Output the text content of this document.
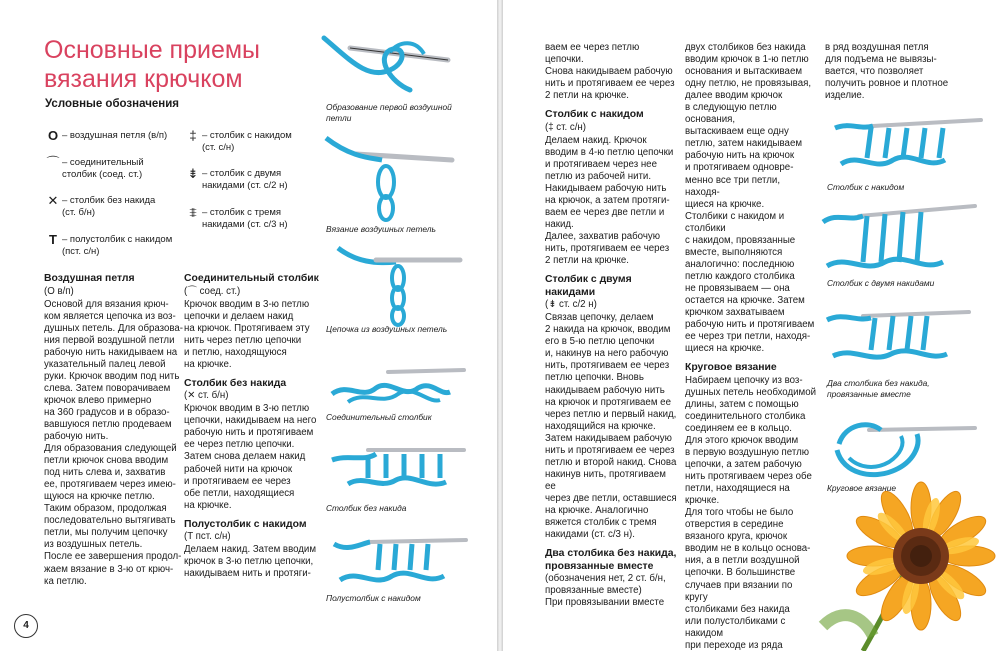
Основные приемы
вязания крючком
Условные обозначения
O – воздушная петля (в/п)
⌒ – соединительный
столбик (соед. ст.)
✕ – столбик без накида
(ст. б/н)
T – полустолбик с накидом
(пст. с/н)
‡ – столбик с накидом
(ст. с/н)
⇟ – столбик с двумя
накидами (ст. с/2 н)
⩨ – столбик с тремя
накидами (ст. с/3 н)
Воздушная петля
(O в/п)
Основой для вязания крюч-
ком является цепочка из воз-
душных петель. Для образова-
ния первой воздушной петли
рабочую нить накидываем на
указательный палец левой
руки. Крючок вводим под нить
слева. Затем поворачиваем
крючок влево примерно
на 360 градусов и в образо-
вавшуюся петлю продеваем
рабочую нить.
Для образования следующей
петли крючок снова вводим
под нить слева и, захватив
ее, протягиваем через имею-
щуюся на крючке петлю.
Таким образом, продолжая
последовательно вытягивать
петли, мы получим цепочку
из воздушных петель.
После ее завершения продол-
жаем вязание в 3-ю от крюч-
ка петлю.
Соединительный столбик
(⌒ соед. ст.)
Крючок вводим в 3-ю петлю
цепочки и делаем накид
на крючок. Протягиваем эту
нить через петлю цепочки
и петлю, находящуюся
на крючке.
Столбик без накида
(✕ ст. б/н)
Крючок вводим в 3-ю петлю
цепочки, накидываем на него
рабочую нить и протягиваем
ее через петлю цепочки.
Затем снова делаем накид
рабочей нити на крючок
и протягиваем ее через
обе петли, находящиеся
на крючке.
Полустолбик с накидом
(T пст. с/н)
Делаем накид. Затем вводим
крючок в 3-ю петлю цепочки,
накидываем нить и протяги-
Образование первой воздушной
петли
Вязание воздушных петель
Цепочка из воздушных петель
Соединительный столбик
Столбик без накида
Полустолбик с накидом
4
ваем ее через петлю цепочки.
Снова накидываем рабочую
нить и протягиваем ее через
2 петли на крючке.
Столбик с накидом
(‡ ст. с/н)
Делаем накид. Крючок
вводим в 4-ю петлю цепочки
и протягиваем через нее
петлю из рабочей нити.
Накидываем рабочую нить
на крючок, а затем протяги-
ваем ее через две петли и накид.
Далее, захватив рабочую
нить, протягиваем ее через
2 петли на крючке.
Столбик с двумя накидами
(⇟ ст. с/2 н)
Связав цепочку, делаем
2 накида на крючок, вводим
его в 5-ю петлю цепочки
и, накинув на него рабочую
нить, протягиваем ее через
петлю цепочки. Вновь
накидываем рабочую нить
на крючок и протягиваем ее
через петлю и первый накид,
находящийся на крючке.
Затем накидываем рабочую
нить и протягиваем ее через
петлю и второй накид. Снова
накинув нить, протягиваем ее
через две петли, оставшиеся
на крючке. Аналогично
вяжется столбик с тремя
накидами (ст. с/3 н).
Два столбика без накида,
провязанные вместе
(обозначения нет, 2 ст. б/н,
провязанные вместе)
При провязывании вместе
двух столбиков без накида
вводим крючок в 1-ю петлю
основания и вытаскиваем
одну петлю, не провязывая,
далее вводим крючок
в следующую петлю основания,
вытаскиваем еще одну
петлю, затем накидываем
рабочую нить на крючок
и протягиваем одновре-
менно все три петли, находя-
щиеся на крючке.
Столбики с накидом и столбики
с накидом, провязанные
вместе, выполняются
аналогично: последнюю
петлю каждого столбика
не провязываем — она
остается на крючке. Затем
крючком захватываем
рабочую нить и протягиваем
ее через три петли, находя-
щиеся на крючке.
Круговое вязание
Набираем цепочку из воз-
душных петель необходимой
длины, затем с помощью
соединительного столбика
соединяем ее в кольцо.
Для этого крючок вводим
в первую воздушную петлю
цепочки, а затем рабочую
нить протягиваем через обе
петли, находящиеся на крючке.
Для того чтобы не было
отверстия в середине
вязаного круга, крючок
вводим не в кольцо основа-
ния, а в петли воздушной
цепочки. В большинстве
случаев при вязании по кругу
столбиками без накида
или полустолбиками с накидом
при переходе из ряда
в ряд воздушная петля
для подъема не вывязы-
вается, что позволяет
получить ровное и плотное
изделие.
Столбик с накидом
Столбик с двумя накидами
Два столбика без накида,
провязанные вместе
Круговое вязание
